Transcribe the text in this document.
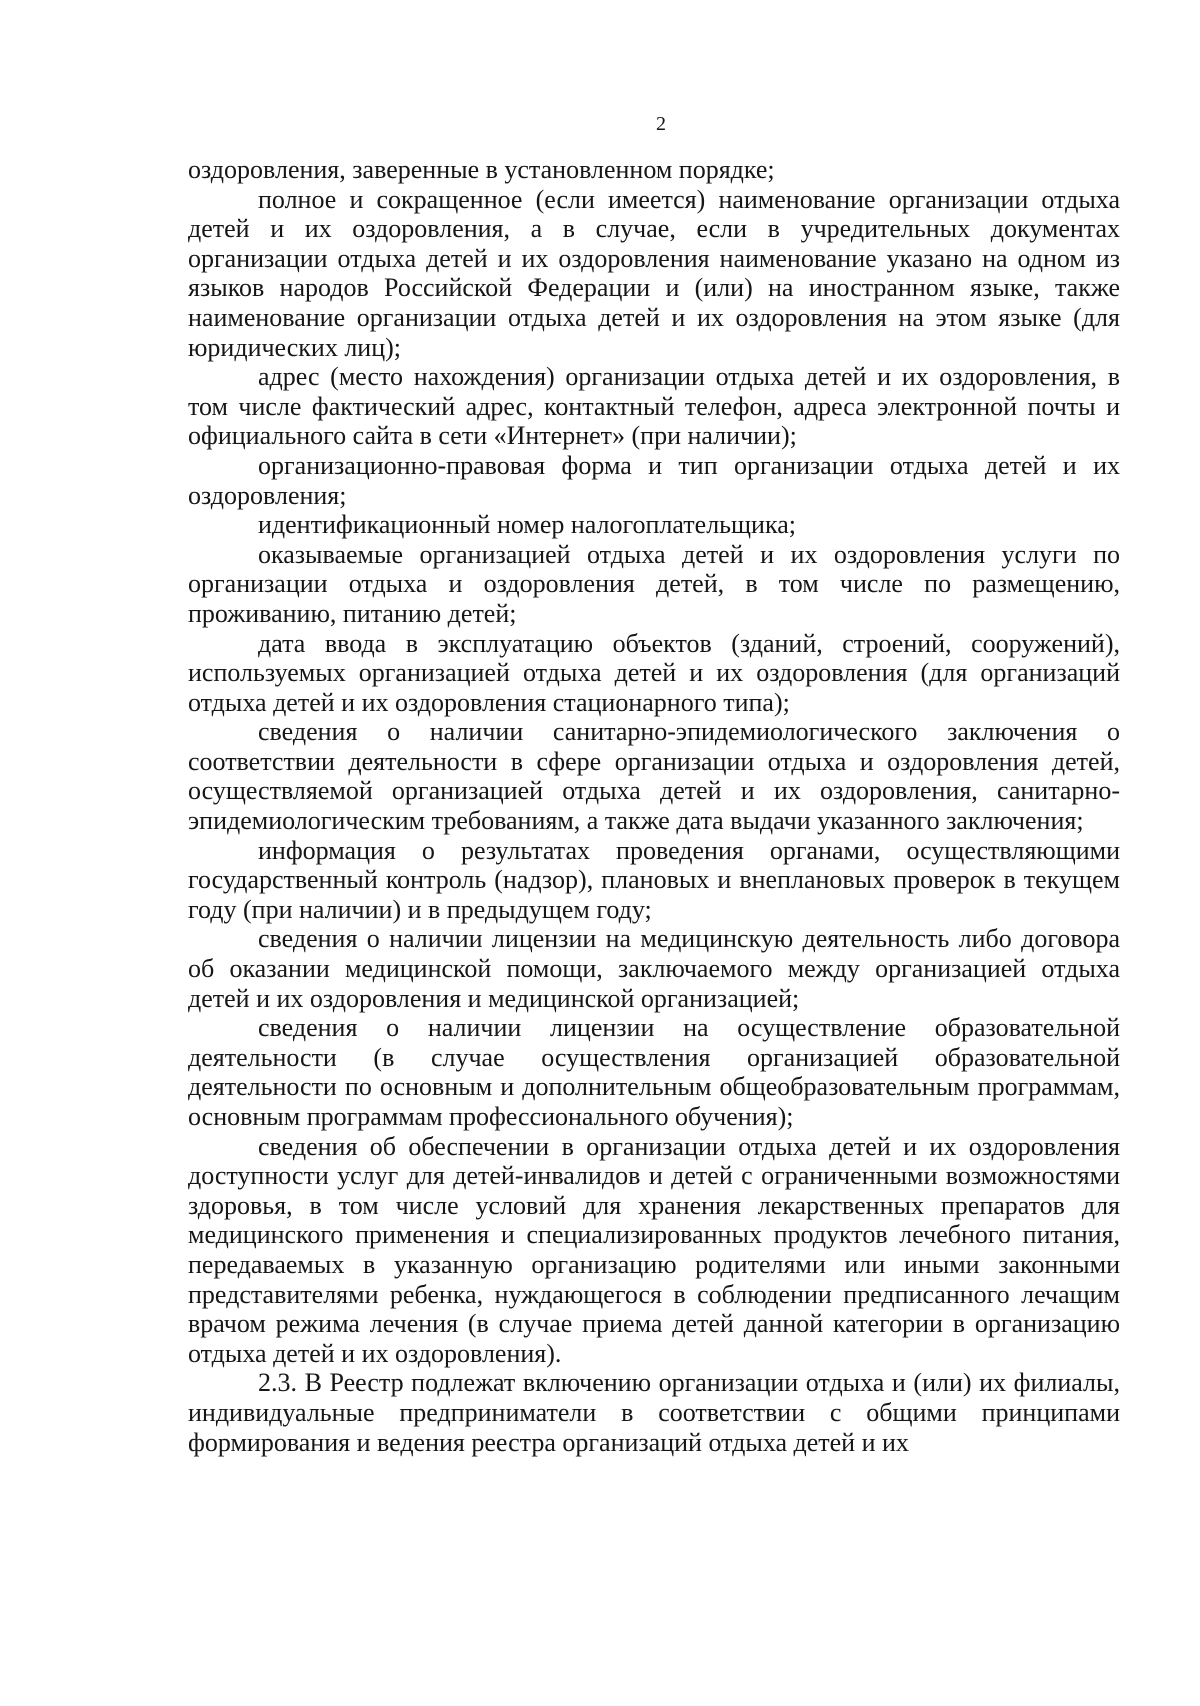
2

оздоровления, заверенные в установленном порядке;

полное и сокращенное (если имеется) наименование организации отдыха детей и их оздоровления, а в случае, если в учредительных документах организации отдыха детей и их оздоровления наименование указано на одном из языков народов Российской Федерации и (или) на иностранном языке, также наименование организации отдыха детей и их оздоровления на этом языке (для юридических лиц);

адрес (место нахождения) организации отдыха детей и их оздоровления, в том числе фактический адрес, контактный телефон, адреса электронной почты и официального сайта в сети «Интернет» (при наличии);

организационно-правовая форма и тип организации отдыха детей и их оздоровления;

идентификационный номер налогоплательщика;

оказываемые организацией отдыха детей и их оздоровления услуги по организации отдыха и оздоровления детей, в том числе по размещению, проживанию, питанию детей;

дата ввода в эксплуатацию объектов (зданий, строений, сооружений), используемых организацией отдыха детей и их оздоровления (для организаций отдыха детей и их оздоровления стационарного типа);

сведения о наличии санитарно-эпидемиологического заключения о соответствии деятельности в сфере организации отдыха и оздоровления детей, осуществляемой организацией отдыха детей и их оздоровления, санитарно-эпидемиологическим требованиям, а также дата выдачи указанного заключения;

информация о результатах проведения органами, осуществляющими государственный контроль (надзор), плановых и внеплановых проверок в текущем году (при наличии) и в предыдущем году;

сведения о наличии лицензии на медицинскую деятельность либо договора об оказании медицинской помощи, заключаемого между организацией отдыха детей и их оздоровления и медицинской организацией;

сведения о наличии лицензии на осуществление образовательной деятельности (в случае осуществления организацией образовательной деятельности по основным и дополнительным общеобразовательным программам, основным программам профессионального обучения);

сведения об обеспечении в организации отдыха детей и их оздоровления доступности услуг для детей-инвалидов и детей с ограниченными возможностями здоровья, в том числе условий для хранения лекарственных препаратов для медицинского применения и специализированных продуктов лечебного питания, передаваемых в указанную организацию родителями или иными законными представителями ребенка, нуждающегося в соблюдении предписанного лечащим врачом режима лечения (в случае приема детей данной категории в организацию отдыха детей и их оздоровления).

2.3. В Реестр подлежат включению организации отдыха и (или) их филиалы, индивидуальные предприниматели в соответствии с общими принципами формирования и ведения реестра организаций отдыха детей и их
